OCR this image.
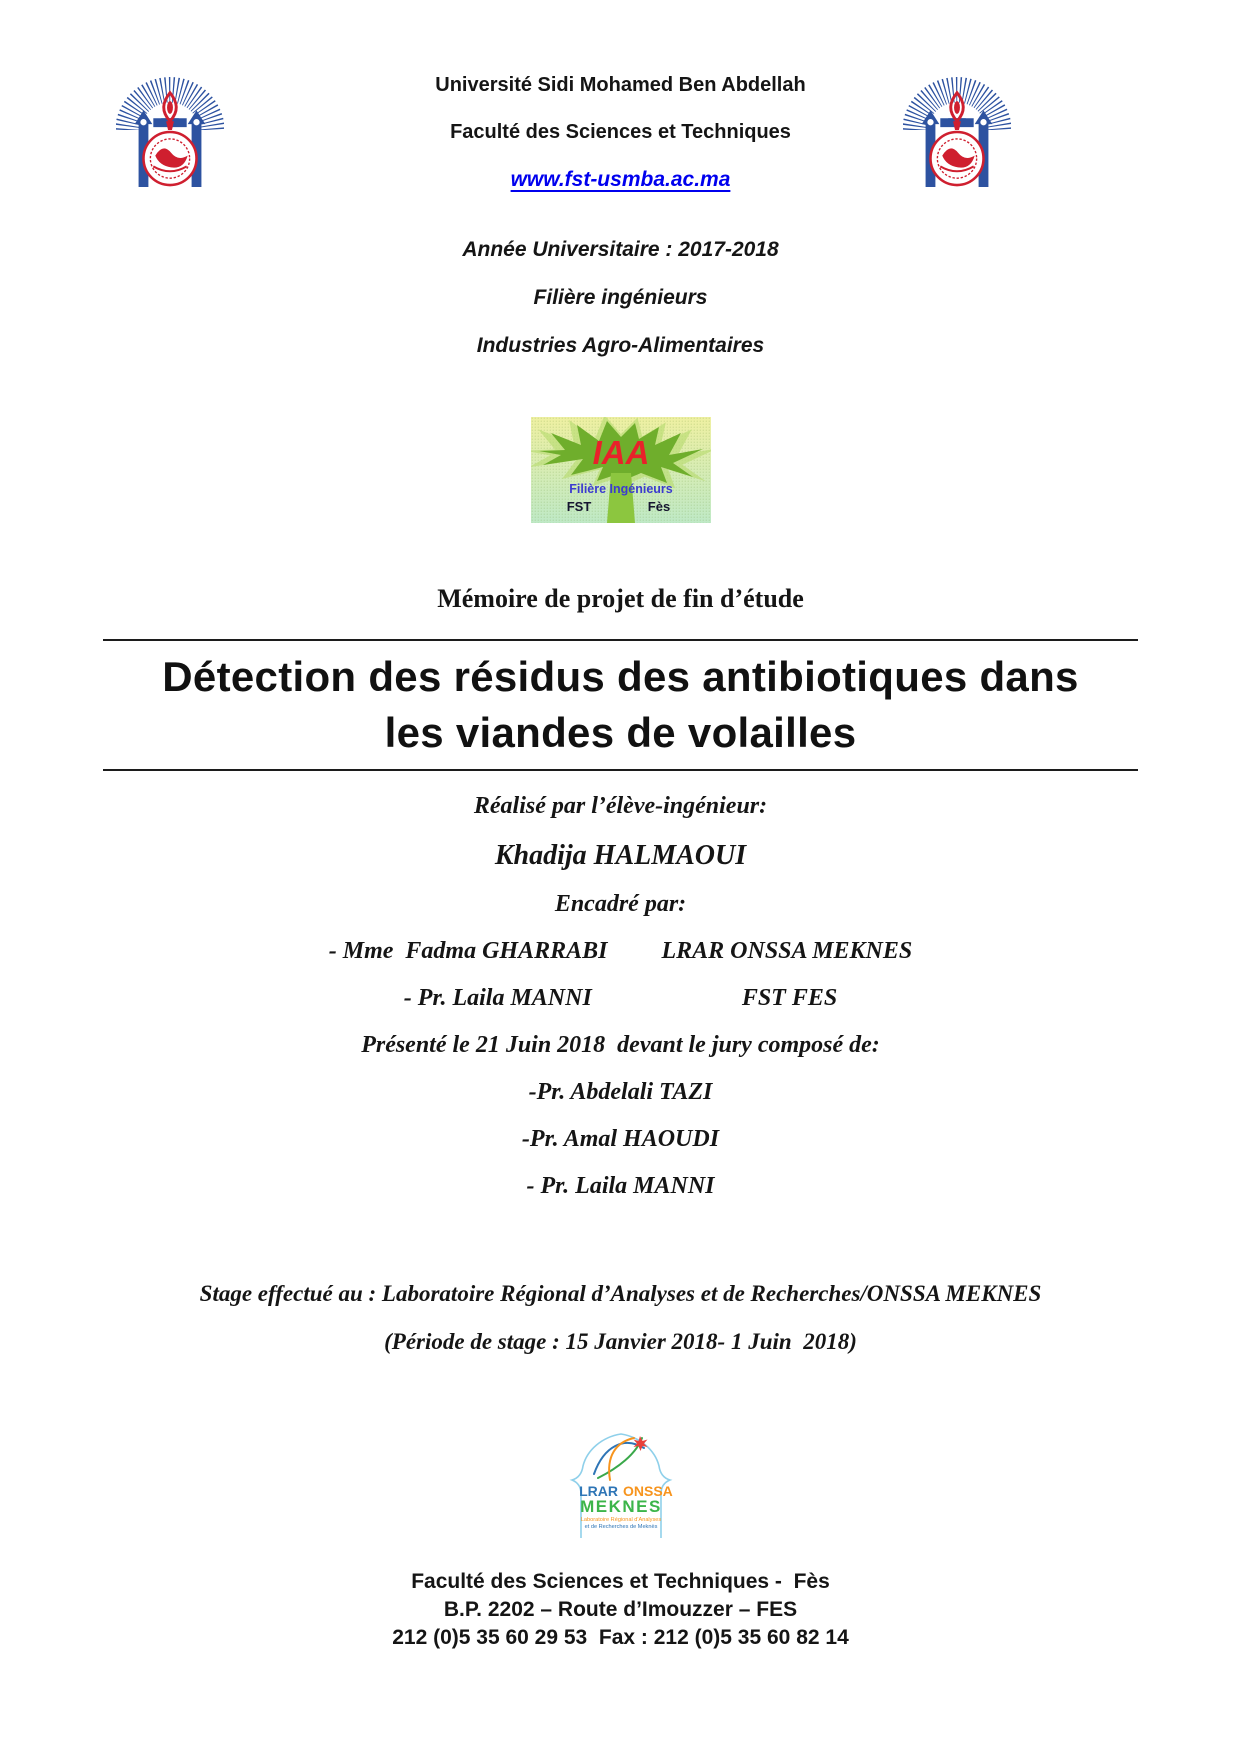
Université Sidi Mohamed Ben Abdellah
Faculté des Sciences et Techniques
www.fst-usmba.ac.ma
Année Universitaire : 2017-2018
Filière ingénieurs
Industries Agro-Alimentaires
IAA
Filière Ingénieurs
FST	Fès
Mémoire de projet de fin d’étude
Détection des résidus des antibiotiques dans
les viandes de volailles
Réalisé par l’élève-ingénieur:
Khadija HALMAOUI
Encadré par:
- Mme  Fadma GHARRABI LRAR ONSSA MEKNES
- Pr. Laila MANNI	FST FES
Présenté le 21 Juin 2018  devant le jury composé de:
-Pr. Abdelali TAZI
-Pr. Amal HAOUDI
- Pr. Laila MANNI
Stage effectué au : Laboratoire Régional d’Analyses et de Recherches/ONSSA MEKNES
(Période de stage : 15 Janvier 2018- 1 Juin  2018)
LRAR ONSSA
MEKNES
Laboratoire Régional d'Analyses
et de Recherches de Meknès
Faculté des Sciences et Techniques -  Fès
B.P. 2202 – Route d’Imouzzer – FES
212 (0)5 35 60 29 53  Fax : 212 (0)5 35 60 82 14
